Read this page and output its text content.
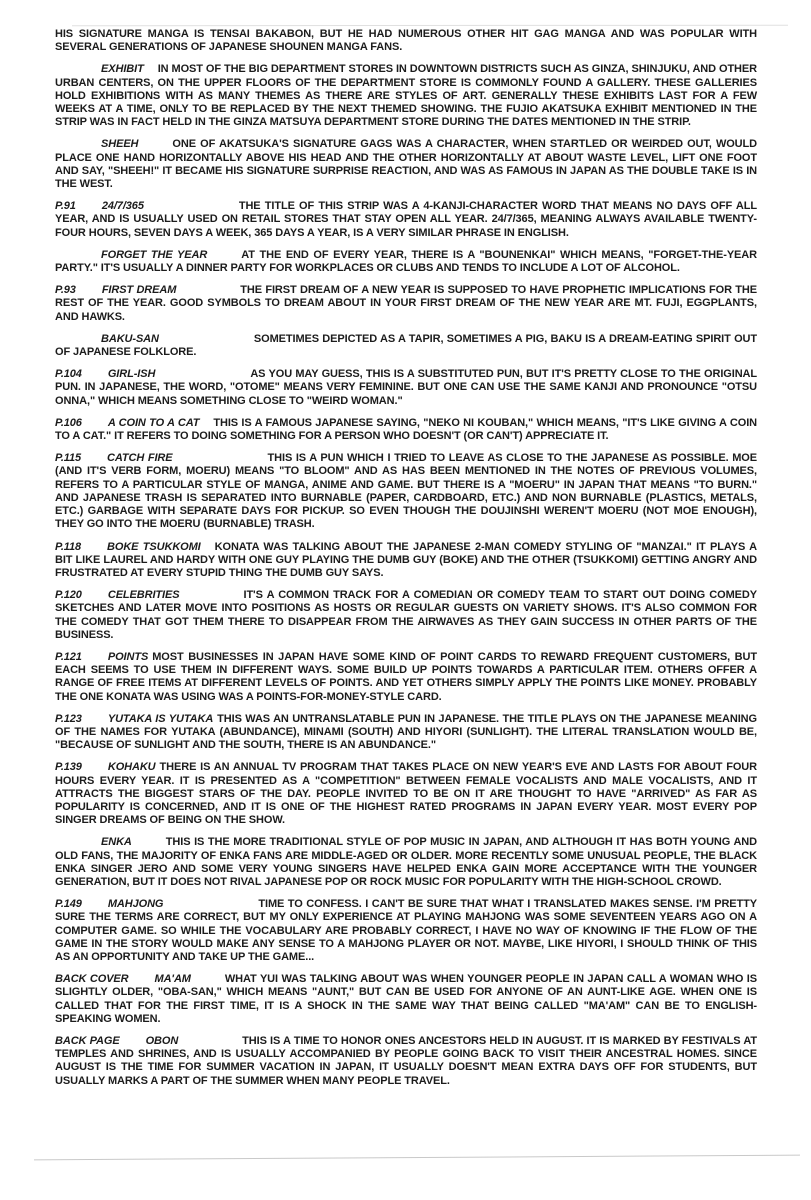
HIS SIGNATURE MANGA IS TENSAI BAKABON, BUT HE HAD NUMEROUS OTHER HIT GAG MANGA AND WAS POPULAR WITH SEVERAL GENERATIONS OF JAPANESE SHOUNEN MANGA FANS.

EXHIBIT IN MOST OF THE BIG DEPARTMENT STORES IN DOWNTOWN DISTRICTS SUCH AS GINZA, SHINJUKU, AND OTHER URBAN CENTERS, ON THE UPPER FLOORS OF THE DEPARTMENT STORE IS COMMONLY FOUND A GALLERY. THESE GALLERIES HOLD EXHIBITIONS WITH AS MANY THEMES AS THERE ARE STYLES OF ART. GENERALLY THESE EXHIBITS LAST FOR A FEW WEEKS AT A TIME, ONLY TO BE REPLACED BY THE NEXT THEMED SHOWING. THE FUJIO AKATSUKA EXHIBIT MENTIONED IN THE STRIP WAS IN FACT HELD IN THE GINZA MATSUYA DEPARTMENT STORE DURING THE DATES MENTIONED IN THE STRIP.

SHEEH	ONE OF AKATSUKA'S SIGNATURE GAGS WAS A CHARACTER, WHEN STARTLED OR WEIRDED OUT, WOULD PLACE ONE HAND HORIZONTALLY ABOVE HIS HEAD AND THE OTHER HORIZONTALLY AT ABOUT WASTE LEVEL, LIFT ONE FOOT AND SAY, "SHEEH!" IT BECAME HIS SIGNATURE SURPRISE REACTION, AND WAS AS FAMOUS IN JAPAN AS THE DOUBLE TAKE IS IN THE WEST.

P.91 24/7/365	THE TITLE OF THIS STRIP WAS A 4-KANJI-CHARACTER WORD THAT MEANS NO DAYS OFF ALL YEAR, AND IS USUALLY USED ON RETAIL STORES THAT STAY OPEN ALL YEAR. 24/7/365, MEANING ALWAYS AVAILABLE TWENTY-FOUR HOURS, SEVEN DAYS A WEEK, 365 DAYS A YEAR, IS A VERY SIMILAR PHRASE IN ENGLISH.

FORGET THE YEAR	AT THE END OF EVERY YEAR, THERE IS A "BOUNENKAI" WHICH MEANS, "FORGET-THE-YEAR PARTY." IT'S USUALLY A DINNER PARTY FOR WORKPLACES OR CLUBS AND TENDS TO INCLUDE A LOT OF ALCOHOL.

P.93 FIRST DREAM	THE FIRST DREAM OF A NEW YEAR IS SUPPOSED TO HAVE PROPHETIC IMPLICATIONS FOR THE REST OF THE YEAR. GOOD SYMBOLS TO DREAM ABOUT IN YOUR FIRST DREAM OF THE NEW YEAR ARE MT. FUJI, EGGPLANTS, AND HAWKS.

BAKU-SAN	SOMETIMES DEPICTED AS A TAPIR, SOMETIMES A PIG, BAKU IS A DREAM-EATING SPIRIT OUT OF JAPANESE FOLKLORE.

P.104 GIRL-ISH	AS YOU MAY GUESS, THIS IS A SUBSTITUTED PUN, BUT IT'S PRETTY CLOSE TO THE ORIGINAL PUN. IN JAPANESE, THE WORD, "OTOME" MEANS VERY FEMININE. BUT ONE CAN USE THE SAME KANJI AND PRONOUNCE "OTSU ONNA," WHICH MEANS SOMETHING CLOSE TO "WEIRD WOMAN."

P.106 A COIN TO A CAT THIS IS A FAMOUS JAPANESE SAYING, "NEKO NI KOUBAN," WHICH MEANS, "IT'S LIKE GIVING A COIN TO A CAT." IT REFERS TO DOING SOMETHING FOR A PERSON WHO DOESN'T (OR CAN'T) APPRECIATE IT.

P.115 CATCH FIRE	THIS IS A PUN WHICH I TRIED TO LEAVE AS CLOSE TO THE JAPANESE AS POSSIBLE. MOE (AND IT'S VERB FORM, MOERU) MEANS "TO BLOOM" AND AS HAS BEEN MENTIONED IN THE NOTES OF PREVIOUS VOLUMES, REFERS TO A PARTICULAR STYLE OF MANGA, ANIME AND GAME. BUT THERE IS A "MOERU" IN JAPAN THAT MEANS "TO BURN." AND JAPANESE TRASH IS SEPARATED INTO BURNABLE (PAPER, CARDBOARD, ETC.) AND NON BURNABLE (PLASTICS, METALS, ETC.) GARBAGE WITH SEPARATE DAYS FOR PICKUP. SO EVEN THOUGH THE DOUJINSHI WEREN'T MOERU (NOT MOE ENOUGH), THEY GO INTO THE MOERU (BURNABLE) TRASH.

P.118 BOKE TSUKKOMI KONATA WAS TALKING ABOUT THE JAPANESE 2-MAN COMEDY STYLING OF "MANZAI." IT PLAYS A BIT LIKE LAUREL AND HARDY WITH ONE GUY PLAYING THE DUMB GUY (BOKE) AND THE OTHER (TSUKKOMI) GETTING ANGRY AND FRUSTRATED AT EVERY STUPID THING THE DUMB GUY SAYS.

P.120 CELEBRITIES	IT'S A COMMON TRACK FOR A COMEDIAN OR COMEDY TEAM TO START OUT DOING COMEDY SKETCHES AND LATER MOVE INTO POSITIONS AS HOSTS OR REGULAR GUESTS ON VARIETY SHOWS. IT'S ALSO COMMON FOR THE COMEDY THAT GOT THEM THERE TO DISAPPEAR FROM THE AIRWAVES AS THEY GAIN SUCCESS IN OTHER PARTS OF THE BUSINESS.

P.121 POINTS MOST BUSINESSES IN JAPAN HAVE SOME KIND OF POINT CARDS TO REWARD FREQUENT CUSTOMERS, BUT EACH SEEMS TO USE THEM IN DIFFERENT WAYS. SOME BUILD UP POINTS TOWARDS A PARTICULAR ITEM. OTHERS OFFER A RANGE OF FREE ITEMS AT DIFFERENT LEVELS OF POINTS. AND YET OTHERS SIMPLY APPLY THE POINTS LIKE MONEY. PROBABLY THE ONE KONATA WAS USING WAS A POINTS-FOR-MONEY-STYLE CARD.

P.123 YUTAKA IS YUTAKA THIS WAS AN UNTRANSLATABLE PUN IN JAPANESE. THE TITLE PLAYS ON THE JAPANESE MEANING OF THE NAMES FOR YUTAKA (ABUNDANCE), MINAMI (SOUTH) AND HIYORI (SUNLIGHT). THE LITERAL TRANSLATION WOULD BE, "BECAUSE OF SUNLIGHT AND THE SOUTH, THERE IS AN ABUNDANCE."

P.139 KOHAKU THERE IS AN ANNUAL TV PROGRAM THAT TAKES PLACE ON NEW YEAR'S EVE AND LASTS FOR ABOUT FOUR HOURS EVERY YEAR. IT IS PRESENTED AS A "COMPETITION" BETWEEN FEMALE VOCALISTS AND MALE VOCALISTS, AND IT ATTRACTS THE BIGGEST STARS OF THE DAY. PEOPLE INVITED TO BE ON IT ARE THOUGHT TO HAVE "ARRIVED" AS FAR AS POPULARITY IS CONCERNED, AND IT IS ONE OF THE HIGHEST RATED PROGRAMS IN JAPAN EVERY YEAR. MOST EVERY POP SINGER DREAMS OF BEING ON THE SHOW.

ENKA	THIS IS THE MORE TRADITIONAL STYLE OF POP MUSIC IN JAPAN, AND ALTHOUGH IT HAS BOTH YOUNG AND OLD FANS, THE MAJORITY OF ENKA FANS ARE MIDDLE-AGED OR OLDER. MORE RECENTLY SOME UNUSUAL PEOPLE, THE BLACK ENKA SINGER JERO AND SOME VERY YOUNG SINGERS HAVE HELPED ENKA GAIN MORE ACCEPTANCE WITH THE YOUNGER GENERATION, BUT IT DOES NOT RIVAL JAPANESE POP OR ROCK MUSIC FOR POPULARITY WITH THE HIGH-SCHOOL CROWD.

P.149 MAHJONG	TIME TO CONFESS. I CAN'T BE SURE THAT WHAT I TRANSLATED MAKES SENSE. I'M PRETTY SURE THE TERMS ARE CORRECT, BUT MY ONLY EXPERIENCE AT PLAYING MAHJONG WAS SOME SEVENTEEN YEARS AGO ON A COMPUTER GAME. SO WHILE THE VOCABULARY ARE PROBABLY CORRECT, I HAVE NO WAY OF KNOWING IF THE FLOW OF THE GAME IN THE STORY WOULD MAKE ANY SENSE TO A MAHJONG PLAYER OR NOT. MAYBE, LIKE HIYORI, I SHOULD THINK OF THIS AS AN OPPORTUNITY AND TAKE UP THE GAME...

BACK COVER MA'AM	WHAT YUI WAS TALKING ABOUT WAS WHEN YOUNGER PEOPLE IN JAPAN CALL A WOMAN WHO IS SLIGHTLY OLDER, "OBA-SAN," WHICH MEANS "AUNT," BUT CAN BE USED FOR ANYONE OF AN AUNT-LIKE AGE. WHEN ONE IS CALLED THAT FOR THE FIRST TIME, IT IS A SHOCK IN THE SAME WAY THAT BEING CALLED "MA'AM" CAN BE TO ENGLISH-SPEAKING WOMEN.

BACK PAGE OBON	THIS IS A TIME TO HONOR ONES ANCESTORS HELD IN AUGUST. IT IS MARKED BY FESTIVALS AT TEMPLES AND SHRINES, AND IS USUALLY ACCOMPANIED BY PEOPLE GOING BACK TO VISIT THEIR ANCESTRAL HOMES. SINCE AUGUST IS THE TIME FOR SUMMER VACATION IN JAPAN, IT USUALLY DOESN'T MEAN EXTRA DAYS OFF FOR STUDENTS, BUT USUALLY MARKS A PART OF THE SUMMER WHEN MANY PEOPLE TRAVEL.
